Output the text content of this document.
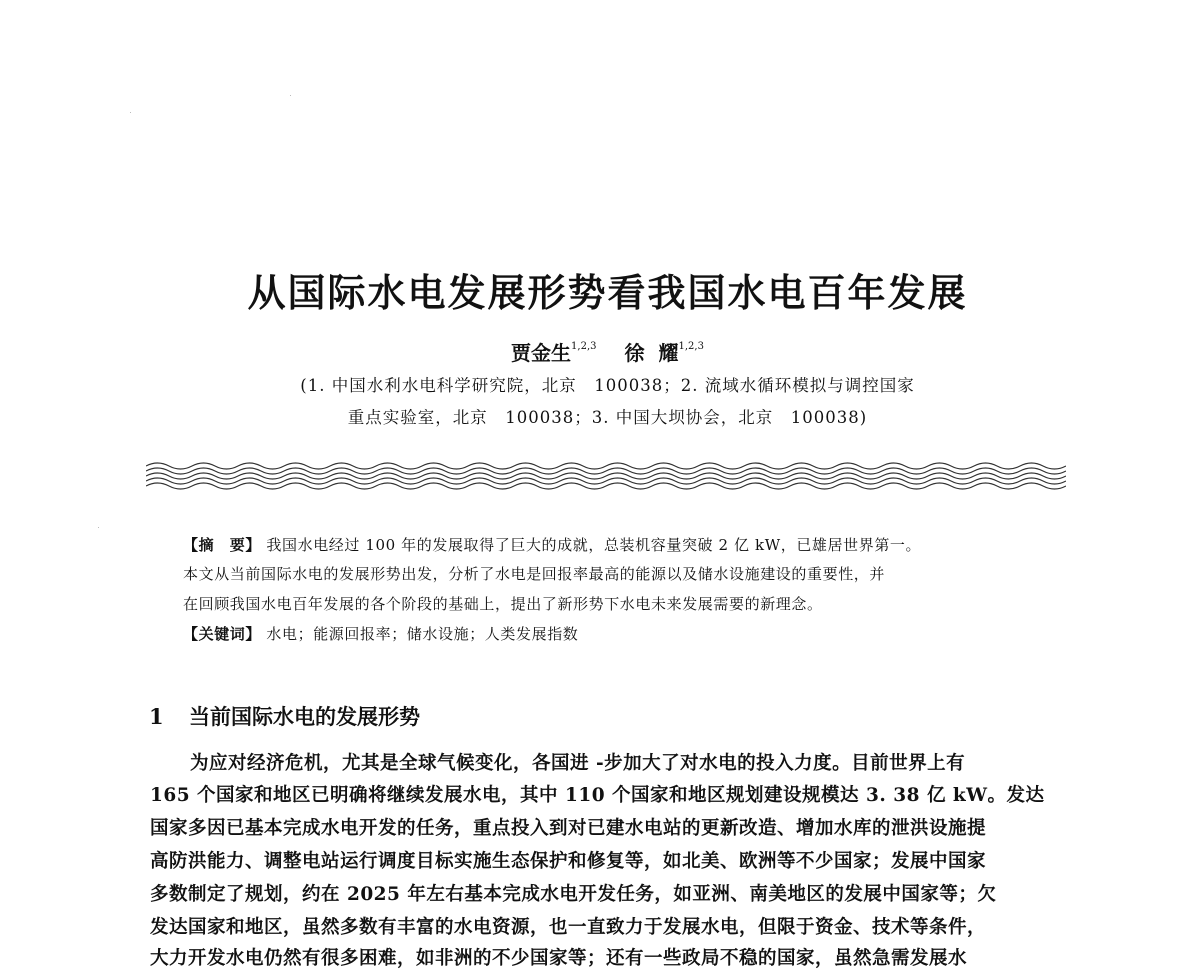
从国际水电发展形势看我国水电百年发展
贾金生$^{1,2,3}$ 徐 耀$^{1,2,3}$
(1. 中国水利水电科学研究院，北京　100038；2. 流域水循环模拟与调控国家
重点实验室，北京　100038；3. 中国大坝协会，北京　100038)
【摘　要】 我国水电经过 100 年的发展取得了巨大的成就，总装机容量突破 2 亿 kW，已雄居世界第一。
本文从当前国际水电的发展形势出发，分析了水电是回报率最高的能源以及储水设施建设的重要性，并
在回顾我国水电百年发展的各个阶段的基础上，提出了新形势下水电未来发展需要的新理念。
【关键词】 水电；能源回报率；储水设施；人类发展指数
1 当前国际水电的发展形势
为应对经济危机，尤其是全球气候变化，各国进 -步加大了对水电的投入力度。目前世界上有
165 个国家和地区已明确将继续发展水电，其中 110 个国家和地区规划建设规模达 3. 38 亿 kW。发达
国家多因已基本完成水电开发的任务，重点投入到对已建水电站的更新改造、增加水库的泄洪设施提
高防洪能力、调整电站运行调度目标实施生态保护和修复等，如北美、欧洲等不少国家；发展中国家
多数制定了规划，约在 2025 年左右基本完成水电开发任务，如亚洲、南美地区的发展中国家等；欠
发达国家和地区，虽然多数有丰富的水电资源，也一直致力于发展水电，但限于资金、技术等条件，
大力开发水电仍然有很多困难，如非洲的不少国家等；还有一些政局不稳的国家，虽然急需发展水
